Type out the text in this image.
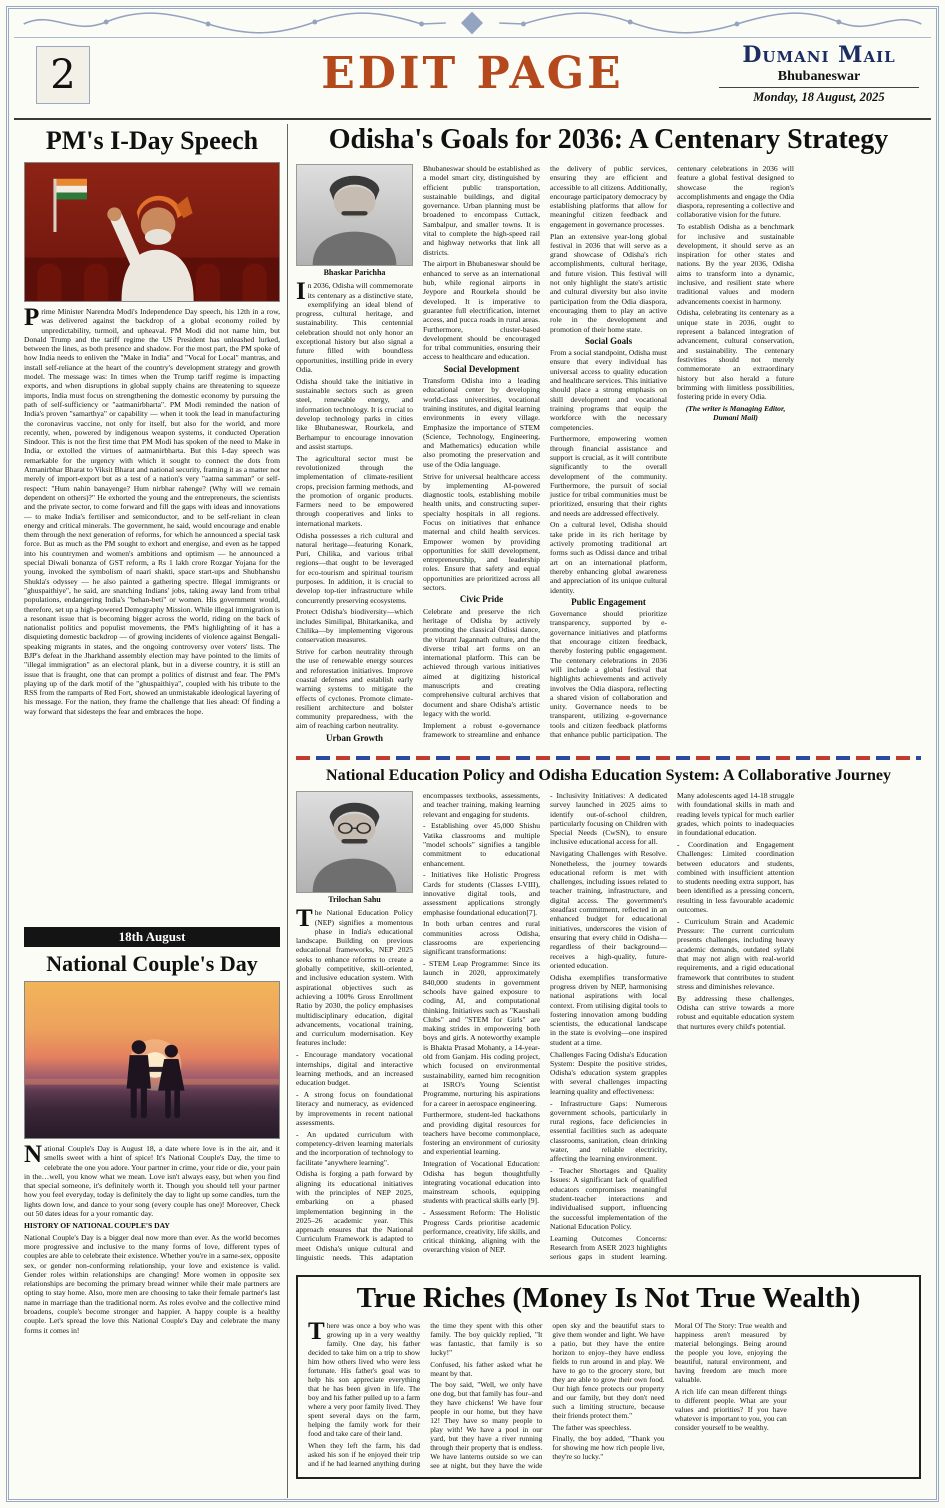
2	EDIT PAGE	Dumani Mail
Bhubaneswar
Monday, 18 August, 2025
PM's I-Day Speech

Prime Minister Narendra Modi's Independence Day speech, his 12th in a row, was delivered against the backdrop of a global economy roiled by unpredictability, turmoil, and upheaval. PM Modi did not name him, but Donald Trump and the tariff regime the US President has unleashed lurked, between the lines, as both presence and shadow. For the most part, the PM spoke of how India needs to enliven the "Make in India" and "Vocal for Local" mantras, and install self-reliance at the heart of the country's development strategy and growth model. The message was: In times when the Trump tariff regime is impacting exports, and when disruptions in global supply chains are threatening to squeeze imports, India must focus on strengthening the domestic economy by pursuing the path of self-sufficiency or "aatmanirbharta". PM Modi reminded the nation of India's proven "samarthya" or capability — when it took the lead in manufacturing the coronavirus vaccine, not only for itself, but also for the world, and more recently, when, powered by indigenous weapon systems, it conducted Operation Sindoor. This is not the first time that PM Modi has spoken of the need to Make in India, or extolled the virtues of aatmanirbharta. But this I-day speech was remarkable for the urgency with which it sought to connect the dots from Atmanirbhar Bharat to Viksit Bharat and national security, framing it as a matter not merely of import-export but as a test of a nation's very "aatma samman" or self-respect: "Hum nahin banayenge? Hum nirbhar rahenge? (Why will we remain dependent on others)?" He exhorted the young and the entrepreneurs, the scientists and the private sector, to come forward and fill the gaps with ideas and innovations — to make India's fertiliser and semiconductor, and to be self-reliant in clean energy and critical minerals. The government, he said, would encourage and enable them through the next generation of reforms, for which he announced a special task force. But as much as the PM sought to exhort and energise, and even as he tapped into his countrymen and women's ambitions and optimism — he announced a special Diwali bonanza of GST reform, a Rs 1 lakh crore Rozgar Yojana for the young, invoked the symbolism of naari shakti, space start-ups and Shubhanshu Shukla's odyssey — he also painted a gathering spectre. Illegal immigrants or "ghuspaithiye", he said, are snatching Indians' jobs, taking away land from tribal populations, endangering India's "behan-beti" or women. His government would, therefore, set up a high-powered Demography Mission. While illegal immigration is a resonant issue that is becoming bigger across the world, riding on the back of nationalist politics and populist movements, the PM's highlighting of it has a disquieting domestic backdrop — of growing incidents of violence against Bengali-speaking migrants in states, and the ongoing controversy over voters' lists. The BJP's defeat in the Jharkhand assembly election may have pointed to the limits of "illegal immigration" as an electoral plank, but in a diverse country, it is still an issue that is fraught, one that can prompt a politics of distrust and fear. The PM's playing up of the dark motif of the "ghuspaithiya", coupled with his tribute to the RSS from the ramparts of Red Fort, showed an unmistakable ideological layering of his message. For the nation, they frame the challenge that lies ahead: Of finding a way forward that sidesteps the fear and embraces the hope.

18th August
National Couple's Day

National Couple's Day is August 18, a date where love is in the air, and it smells sweet with a hint of spice! It's National Couple's Day, the time to celebrate the one you adore. Your partner in crime, your ride or die, your pain in the…well, you know what we mean. Love isn't always easy, but when you find that special someone, it's definitely worth it. Though you should tell your partner how you feel everyday, today is definitely the day to light up some candles, turn the lights down low, and dance to your song (every couple has one)! Moreover, Check out 50 dates ideas for a your romantic day.

HISTORY OF NATIONAL COUPLE'S DAY

National Couple's Day is a bigger deal now more than ever. As the world becomes more progressive and inclusive to the many forms of love, different types of couples are able to celebrate their existence. Whether you're in a same-sex, opposite sex, or gender non-conforming relationship, your love and existence is valid. Gender roles within relationships are changing! More women in opposite sex relationships are becoming the primary bread winner while their male partners are opting to stay home. Also, more men are choosing to take their female partner's last name in marriage than the traditional norm. As roles evolve and the collective mind broadens, couple's become stronger and happier. A happy couple is a healthy couple. Let's spread the love this National Couple's Day and celebrate the many forms it comes in!

Odisha's Goals for 2036: A Centenary Strategy
Bhaskar Parichha

In 2036, Odisha will commemorate its centenary as a distinctive state, exemplifying an ideal blend of progress, cultural heritage, and sustainability. This centennial celebration should not only honor an exceptional history but also signal a future filled with boundless opportunities, instilling pride in every Odia.

Odisha should take the initiative in sustainable sectors such as green steel, renewable energy, and information technology. It is crucial to develop technology parks in cities like Bhubaneswar, Rourkela, and Berhampur to encourage innovation and assist startups.

The agricultural sector must be revolutionized through the implementation of climate-resilient crops, precision farming methods, and the promotion of organic products. Farmers need to be empowered through cooperatives and links to international markets.

Odisha possesses a rich cultural and natural heritage—featuring Konark, Puri, Chilika, and various tribal regions—that ought to be leveraged for eco-tourism and spiritual tourism purposes. In addition, it is crucial to develop top-tier infrastructure while concurrently preserving ecosystems.

Protect Odisha's biodiversity—which includes Similipal, Bhitarkanika, and Chilika—by implementing vigorous conservation measures.

Strive for carbon neutrality through the use of renewable energy sources and reforestation initiatives. Improve coastal defenses and establish early warning systems to mitigate the effects of cyclones. Promote climate-resilient architecture and bolster community preparedness, with the aim of reaching carbon neutrality.

Urban Growth

Bhubaneswar should be established as a model smart city, distinguished by efficient public transportation, sustainable buildings, and digital governance. Urban planning must be broadened to encompass Cuttack, Sambalpur, and smaller towns. It is vital to complete the high-speed rail and highway networks that link all districts.

The airport in Bhubaneswar should be enhanced to serve as an international hub, while regional airports in Jeypore and Rourkela should be developed. It is imperative to guarantee full electrification, internet access, and pucca roads in rural areas. Furthermore, cluster-based development should be encouraged for tribal communities, ensuring their access to healthcare and education.

Social Development

Transform Odisha into a leading educational center by developing world-class universities, vocational training institutes, and digital learning environments in every village. Emphasize the importance of STEM (Science, Technology, Engineering, and Mathematics) education while also promoting the preservation and use of the Odia language.

Strive for universal healthcare access by implementing AI-powered diagnostic tools, establishing mobile health units, and constructing super-specialty hospitals in all regions. Focus on initiatives that enhance maternal and child health services. Empower women by providing opportunities for skill development, entrepreneurship, and leadership roles. Ensure that safety and equal opportunities are prioritized across all sectors.

Civic Pride

Celebrate and preserve the rich heritage of Odisha by actively promoting the classical Odissi dance, the vibrant Jagannath culture, and the diverse tribal art forms on an international platform. This can be achieved through various initiatives aimed at digitizing historical manuscripts and creating comprehensive cultural archives that document and share Odisha's artistic legacy with the world.

Implement a robust e-governance framework to streamline and enhance the delivery of public services, ensuring they are efficient and accessible to all citizens. Additionally, encourage participatory democracy by establishing platforms that allow for meaningful citizen feedback and engagement in governance processes.

Plan an extensive year-long global festival in 2036 that will serve as a grand showcase of Odisha's rich accomplishments, cultural heritage, and future vision. This festival will not only highlight the state's artistic and cultural diversity but also invite participation from the Odia diaspora, encouraging them to play an active role in the development and promotion of their home state.

Social Goals

From a social standpoint, Odisha must ensure that every individual has universal access to quality education and healthcare services. This initiative should place a strong emphasis on skill development and vocational training programs that equip the workforce with the necessary competencies.

Furthermore, empowering women through financial assistance and support is crucial, as it will contribute significantly to the overall development of the community. Furthermore, the pursuit of social justice for tribal communities must be prioritized, ensuring that their rights and needs are addressed effectively.

On a cultural level, Odisha should take pride in its rich heritage by actively promoting traditional art forms such as Odissi dance and tribal art on an international platform, thereby enhancing global awareness and appreciation of its unique cultural identity.

Public Engagement

Governance should prioritize transparency, supported by e-governance initiatives and platforms that encourage citizen feedback, thereby fostering public engagement. The centenary celebrations in 2036 will include a global festival that highlights achievements and actively involves the Odia diaspora, reflecting a shared vision of collaboration and unity. Governance needs to be transparent, utilizing e-governance tools and citizen feedback platforms that enhance public participation. The centenary celebrations in 2036 will feature a global festival designed to showcase the region's accomplishments and engage the Odia diaspora, representing a collective and collaborative vision for the future.

To establish Odisha as a benchmark for inclusive and sustainable development, it should serve as an inspiration for other states and nations. By the year 2036, Odisha aims to transform into a dynamic, inclusive, and resilient state where traditional values and modern advancements coexist in harmony.

Odisha, celebrating its centenary as a unique state in 2036, ought to represent a balanced integration of advancement, cultural conservation, and sustainability. The centenary festivities should not merely commemorate an extraordinary history but also herald a future brimming with limitless possibilities, fostering pride in every Odia.

(The writer is Managing Editor, Dumani Mail)

National Education Policy and Odisha Education System: A Collaborative Journey
Trilochan Sahu

The National Education Policy (NEP) signifies a momentous phase in India's educational landscape. Building on previous educational frameworks, NEP 2025 seeks to enhance reforms to create a globally competitive, skill-oriented, and inclusive education system. With aspirational objectives such as achieving a 100% Gross Enrollment Ratio by 2030, the policy emphasises multidisciplinary education, digital advancements, vocational training, and curriculum modernisation. Key features include:

- Encourage mandatory vocational internships, digital and interactive learning methods, and an increased education budget.

- A strong focus on foundational literacy and numeracy, as evidenced by improvements in recent national assessments.

- An updated curriculum with competency-driven learning materials and the incorporation of technology to facilitate "anywhere learning".

Odisha is forging a path forward by aligning its educational initiatives with the principles of NEP 2025, embarking on a phased implementation beginning in the 2025–26 academic year. This approach ensures that the National Curriculum Framework is adapted to meet Odisha's unique cultural and linguistic needs. This adaptation encompasses textbooks, assessments, and teacher training, making learning relevant and engaging for students.

- Establishing over 45,000 Shishu Vatika classrooms and multiple "model schools" signifies a tangible commitment to educational enhancement.

- Initiatives like Holistic Progress Cards for students (Classes I-VIII), innovative digital tools, and assessment applications strongly emphasise foundational education[7].

In both urban centres and rural communities across Odisha, classrooms are experiencing significant transformations:

- STEM Leap Programme: Since its launch in 2020, approximately 840,000 students in government schools have gained exposure to coding, AI, and computational thinking. Initiatives such as "Kaushali Clubs" and "STEM for Girls" are making strides in empowering both boys and girls. A noteworthy example is Bhakta Prasad Mohanty, a 14-year-old from Ganjam. His coding project, which focused on environmental sustainability, earned him recognition at ISRO's Young Scientist Programme, nurturing his aspirations for a career in aerospace engineering.

Furthermore, student-led hackathons and providing digital resources for teachers have become commonplace, fostering an environment of curiosity and experiential learning.

Integration of Vocational Education: Odisha has begun thoughtfully integrating vocational education into mainstream schools, equipping students with practical skills early [9].

- Assessment Reform: The Holistic Progress Cards prioritise academic performance, creativity, life skills, and critical thinking, aligning with the overarching vision of NEP.

- Inclusivity Initiatives: A dedicated survey launched in 2025 aims to identify out-of-school children, particularly focusing on Children with Special Needs (CwSN), to ensure inclusive educational access for all.

Navigating Challenges with Resolve. Nonetheless, the journey towards educational reform is met with challenges, including issues related to teacher training, infrastructure, and digital access. The government's steadfast commitment, reflected in an enhanced budget for educational initiatives, underscores the vision of ensuring that every child in Odisha—regardless of their background—receives a high-quality, future-oriented education.

Odisha exemplifies transformative progress driven by NEP, harmonising national aspirations with local context. From utilising digital tools to fostering innovation among budding scientists, the educational landscape in the state is evolving—one inspired student at a time.

Challenges Facing Odisha's Education System: Despite the positive strides, Odisha's education system grapples with several challenges impacting learning quality and effectiveness:

- Infrastructure Gaps: Numerous government schools, particularly in rural regions, face deficiencies in essential facilities such as adequate classrooms, sanitation, clean drinking water, and reliable electricity, affecting the learning environment.

- Teacher Shortages and Quality Issues: A significant lack of qualified educators compromises meaningful student-teacher interactions and individualised support, influencing the successful implementation of the National Education Policy.

Learning Outcomes Concerns: Research from ASER 2023 highlights serious gaps in student learning. Many adolescents aged 14-18 struggle with foundational skills in math and reading levels typical for much earlier grades, which points to inadequacies in foundational education.

- Coordination and Engagement Challenges: Limited coordination between educators and students, combined with insufficient attention to students needing extra support, has been identified as a pressing concern, resulting in less favourable academic outcomes.

- Curriculum Strain and Academic Pressure: The current curriculum presents challenges, including heavy academic demands, outdated syllabi that may not align with real-world requirements, and a rigid educational framework that contributes to student stress and diminishes relevance.

By addressing these challenges, Odisha can strive towards a more robust and equitable education system that nurtures every child's potential.

True Riches (Money Is Not True Wealth)

There was once a boy who was growing up in a very wealthy family. One day, his father decided to take him on a trip to show him how others lived who were less fortunate. His father's goal was to help his son appreciate everything that he has been given in life. The boy and his father pulled up to a farm where a very poor family lived. They spent several days on the farm, helping the family work for their food and take care of their land.

When they left the farm, his dad asked his son if he enjoyed their trip and if he had learned anything during the time they spent with this other family. The boy quickly replied, "It was fantastic, that family is so lucky!"

Confused, his father asked what he meant by that.

The boy said, "Well, we only have one dog, but that family has four–and they have chickens! We have four people in our home, but they have 12! They have so many people to play with! We have a pool in our yard, but they have a river running through their property that is endless. We have lanterns outside so we can see at night, but they have the wide open sky and the beautiful stars to give them wonder and light. We have a patio, but they have the entire horizon to enjoy–they have endless fields to run around in and play. We have to go to the grocery store, but they are able to grow their own food. Our high fence protects our property and our family, but they don't need such a limiting structure, because their friends protect them."

The father was speechless.

Finally, the boy added, "Thank you for showing me how rich people live, they're so lucky."

Moral Of The Story: True wealth and happiness aren't measured by material belongings. Being around the people you love, enjoying the beautiful, natural environment, and having freedom are much more valuable.

A rich life can mean different things to different people. What are your values and priorities? If you have whatever is important to you, you can consider yourself to be wealthy.
